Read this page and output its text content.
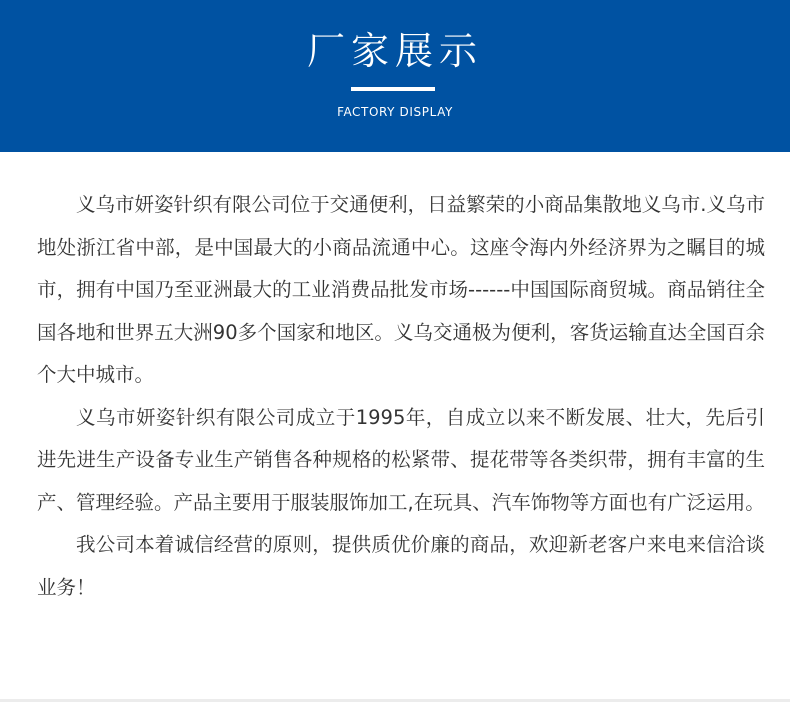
厂家展示
FACTORY DISPLAY

义乌市妍姿针织有限公司位于交通便利，日益繁荣的小商品集散地义乌市.义乌市地处浙江省中部，是中国最大的小商品流通中心。这座令海内外经济界为之瞩目的城市，拥有中国乃至亚洲最大的工业消费品批发市场------中国国际商贸城。商品销往全国各地和世界五大洲90多个国家和地区。义乌交通极为便利，客货运输直达全国百余个大中城市。

义乌市妍姿针织有限公司成立于1995年，自成立以来不断发展、壮大，先后引进先进生产设备专业生产销售各种规格的松紧带、提花带等各类织带，拥有丰富的生产、管理经验。产品主要用于服装服饰加工,在玩具、汽车饰物等方面也有广泛运用。

我公司本着诚信经营的原则，提供质优价廉的商品，欢迎新老客户来电来信洽谈业务！
